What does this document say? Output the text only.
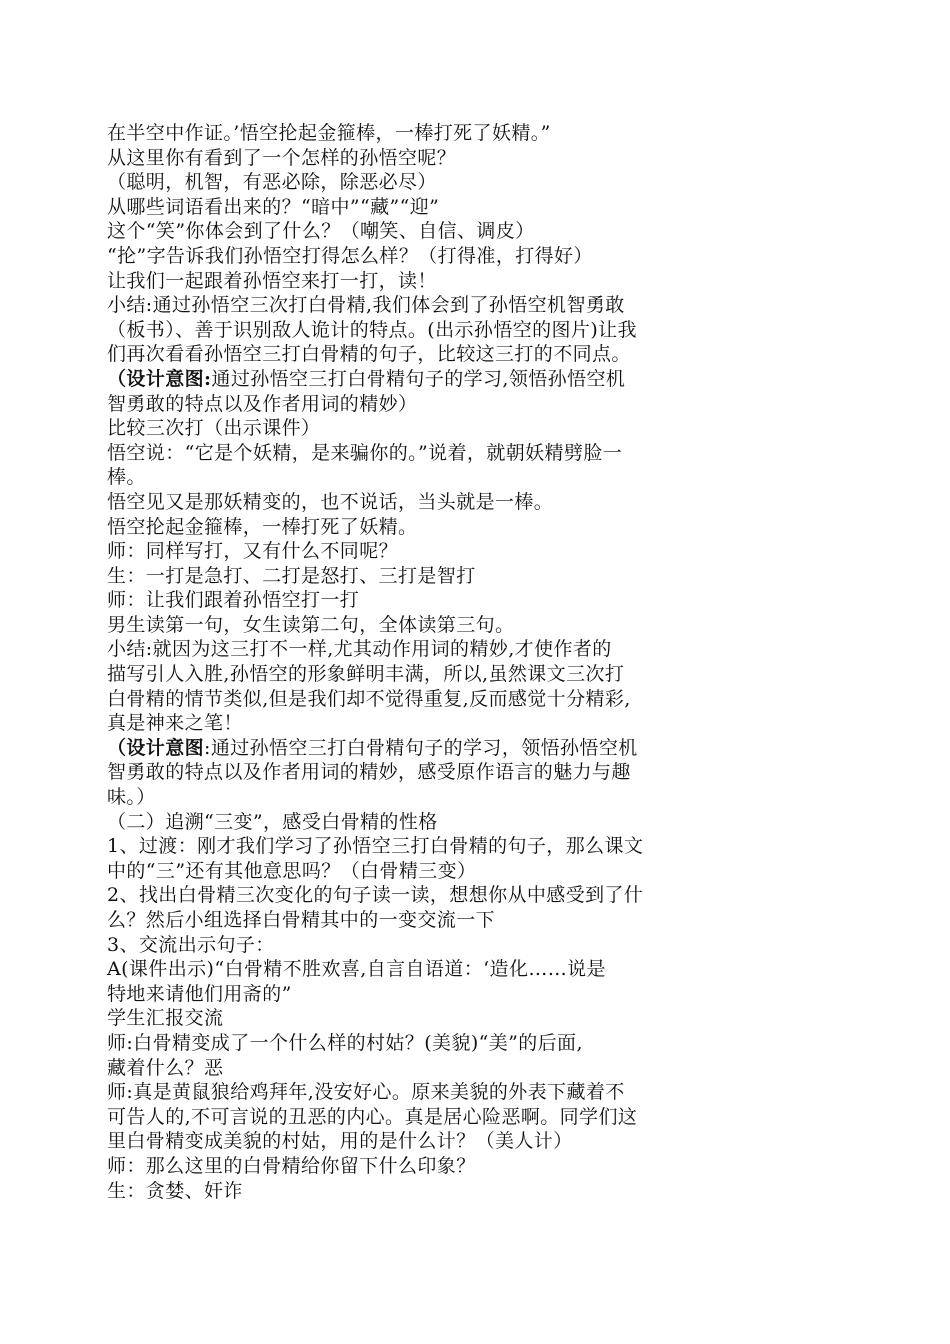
在半空中作证。’悟空抡起金箍棒，一棒打死了妖精。”
从这里你有看到了一个怎样的孙悟空呢？
（聪明，机智，有恶必除，除恶必尽）
从哪些词语看出来的？“暗中”“藏”“迎”
这个“笑”你体会到了什么？（嘲笑、自信、调皮）
“抡”字告诉我们孙悟空打得怎么样？（打得准，打得好）
让我们一起跟着孙悟空来打一打，读！
小结:通过孙悟空三次打白骨精,我们体会到了孙悟空机智勇敢
（板书）、善于识别敌人诡计的特点。(出示孙悟空的图片)让我
们再次看看孙悟空三打白骨精的句子，比较这三打的不同点。
（设计意图:通过孙悟空三打白骨精句子的学习,领悟孙悟空机
智勇敢的特点以及作者用词的精妙）
比较三次打（出示课件）
悟空说：“它是个妖精，是来骗你的。”说着，就朝妖精劈脸一
棒。
悟空见又是那妖精变的，也不说话，当头就是一棒。
悟空抡起金箍棒，一棒打死了妖精。
师：同样写打，又有什么不同呢？
生：一打是急打、二打是怒打、三打是智打
师：让我们跟着孙悟空打一打
男生读第一句，女生读第二句，全体读第三句。
小结:就因为这三打不一样,尤其动作用词的精妙,才使作者的
描写引人入胜,孙悟空的形象鲜明丰满，所以,虽然课文三次打
白骨精的情节类似,但是我们却不觉得重复,反而感觉十分精彩,
真是神来之笔！
（设计意图:通过孙悟空三打白骨精句子的学习，领悟孙悟空机
智勇敢的特点以及作者用词的精妙，感受原作语言的魅力与趣
味。）
（二）追溯“三变”，感受白骨精的性格
1、过渡：刚才我们学习了孙悟空三打白骨精的句子，那么课文
中的“三”还有其他意思吗？（白骨精三变）
2、找出白骨精三次变化的句子读一读，想想你从中感受到了什
么？然后小组选择白骨精其中的一变交流一下
3、交流出示句子：
A(课件出示)“白骨精不胜欢喜,自言自语道：‘造化……说是
特地来请他们用斋的”
学生汇报交流
师:白骨精变成了一个什么样的村姑？(美貌)“美”的后面,
藏着什么？恶
师:真是黄鼠狼给鸡拜年,没安好心。原来美貌的外表下藏着不
可告人的,不可言说的丑恶的内心。真是居心险恶啊。同学们这
里白骨精变成美貌的村姑，用的是什么计？（美人计）
师：那么这里的白骨精给你留下什么印象？
生：贪婪、奸诈
